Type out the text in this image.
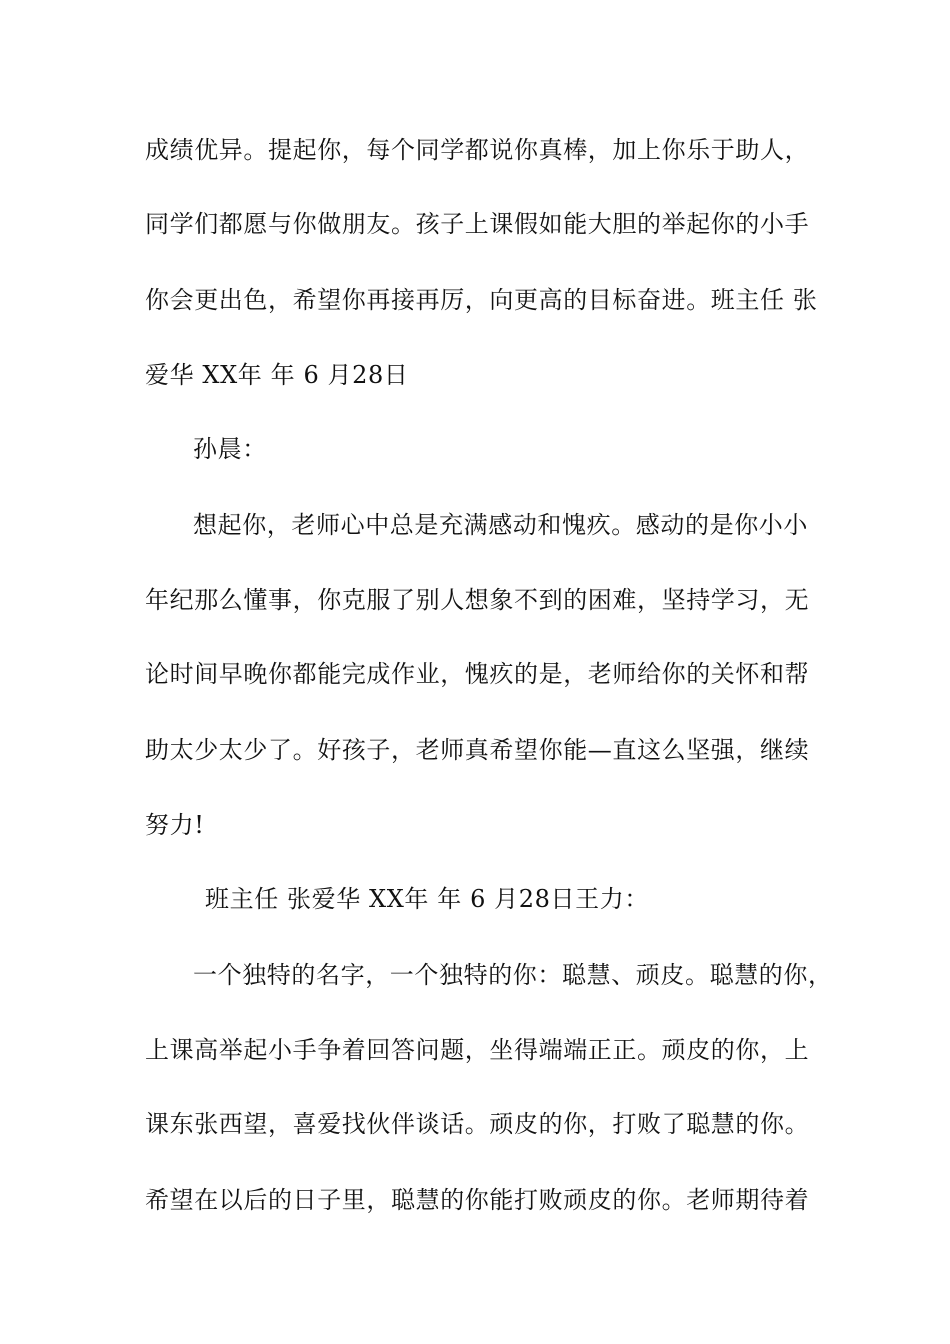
成绩优异。提起你，每个同学都说你真棒，加上你乐于助人，
同学们都愿与你做朋友。孩子上课假如能大胆的举起你的小手
你会更出色，希望你再接再厉，向更高的目标奋进。班主任 张
爱华 XX年 年 6 月28日
孙晨：
想起你，老师心中总是充满感动和愧疚。感动的是你小小
年纪那么懂事，你克服了别人想象不到的困难，坚持学习，无
论时间早晚你都能完成作业，愧疚的是，老师给你的关怀和帮
助太少太少了。好孩子，老师真希望你能—直这么坚强，继续
努力!
班主任 张爱华 XX年 年 6 月28日王力：
一个独特的名字，一个独特的你：聪慧、顽皮。聪慧的你，
上课高举起小手争着回答问题，坐得端端正正。顽皮的你，上
课东张西望，喜爱找伙伴谈话。顽皮的你，打败了聪慧的你。
希望在以后的日子里，聪慧的你能打败顽皮的你。老师期待着
